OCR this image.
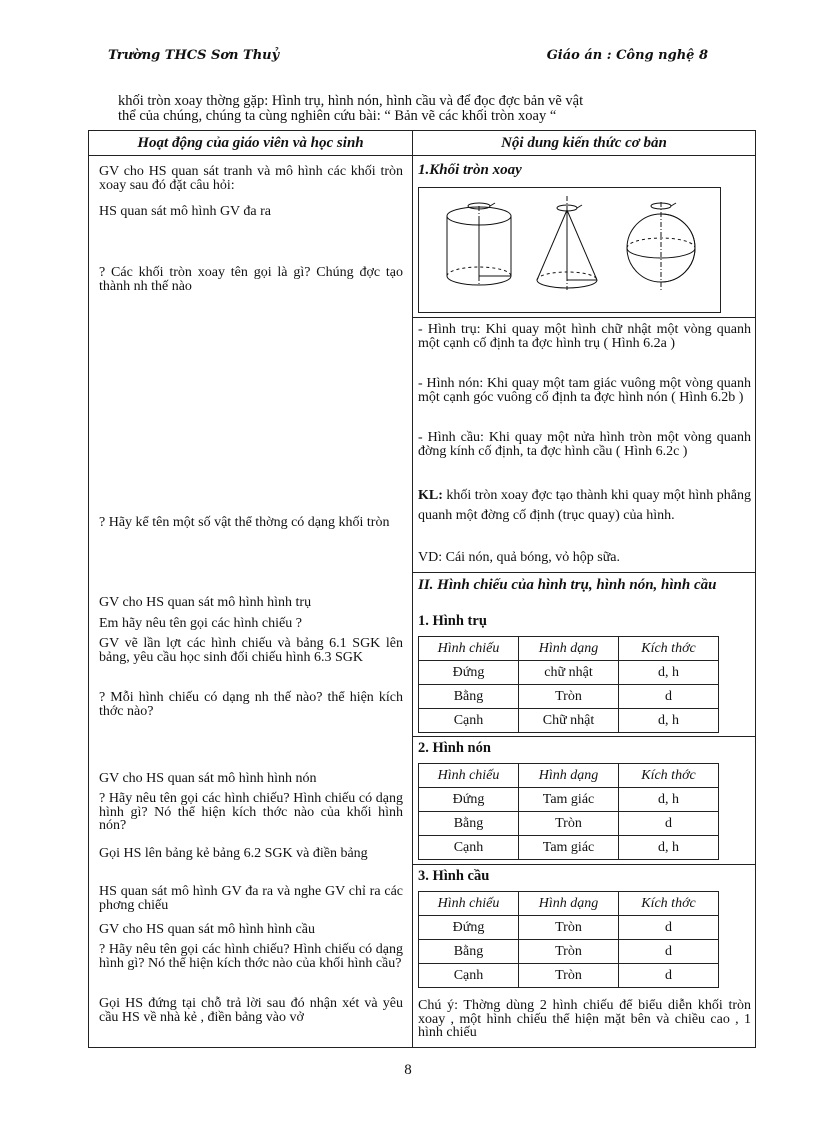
Trường THCS Sơn Thuỷ	Giáo án : Công nghệ 8

khối tròn xoay thờng gặp: Hình trụ, hình nón, hình cầu và để đọc đợc bản vẽ vật

thể của chúng, chúng ta cùng nghiên cứu bài: “ Bản vẽ các khối tròn xoay “

Hoạt động của giáo viên và học sinh
GV cho HS quan sát tranh và mô hình các khối tròn xoay sau đó đặt câu hỏi:
HS quan sát mô hình GV đa ra
? Các khối tròn xoay tên gọi là gì? Chúng đợc tạo thành nh thế nào
? Hãy kể tên một số vật thể thờng có dạng khối tròn
GV cho HS quan sát mô hình hình trụ
Em hãy nêu tên gọi các hình chiếu ?
GV vẽ lần lợt các hình chiếu và bảng 6.1 SGK lên bảng, yêu cầu học sinh đối chiếu hình 6.3 SGK
? Mỗi hình chiếu có dạng nh thế nào? thể hiện kích thớc nào?
GV cho HS quan sát mô hình hình nón
? Hãy nêu tên gọi các hình chiếu? Hình chiếu có dạng hình gì? Nó thể hiện kích thớc nào của khối hình nón?
Gọi HS lên bảng kẻ bảng 6.2 SGK và điền bảng
HS quan sát mô hình GV đa ra và nghe GV chỉ ra các phơng chiếu
GV cho HS quan sát mô hình hình cầu
? Hãy nêu tên gọi các hình chiếu? Hình chiếu có dạng hình gì? Nó thể hiện kích thớc nào của khối hình cầu?
Gọi HS đứng tại chỗ trả lời sau đó nhận xét và yêu cầu HS về nhà kẻ , điền bảng vào vở
Nội dung kiến thức cơ bản
1.Khối tròn xoay
- Hình trụ: Khi quay một hình chữ nhật một vòng quanh một cạnh cố định ta đợc hình trụ ( Hình 6.2a )
- Hình nón: Khi quay một tam giác vuông một vòng quanh một cạnh góc vuông cố định ta đợc hình nón ( Hình 6.2b )
- Hình cầu: Khi quay một nửa hình tròn một vòng quanh đờng kính cố định, ta đợc hình cầu ( Hình 6.2c )
KL: khối tròn xoay đợc tạo thành khi quay một hình phẳng quanh một đờng cố định (trục quay) của hình.
VD: Cái nón, quả bóng, vỏ hộp sữa.
II. Hình chiếu của hình trụ, hình nón, hình cầu
1. Hình trụ
Hình chiếu	Hình dạng	Kích thớc
Đứng	chữ nhật	d, h
Bằng	Tròn	d
Cạnh	Chữ nhật	d, h
2. Hình nón
Hình chiếu	Hình dạng	Kích thớc
Đứng	Tam giác	d, h
Bằng	Tròn	d
Cạnh	Tam giác	d, h
3. Hình cầu
Hình chiếu	Hình dạng	Kích thớc
Đứng	Tròn	d
Bằng	Tròn	d
Cạnh	Tròn	d
Chú ý: Thờng dùng 2 hình chiếu để biểu diễn khối tròn xoay , một hình chiếu thể hiện mặt bên và chiều cao , 1 hình chiếu
8
